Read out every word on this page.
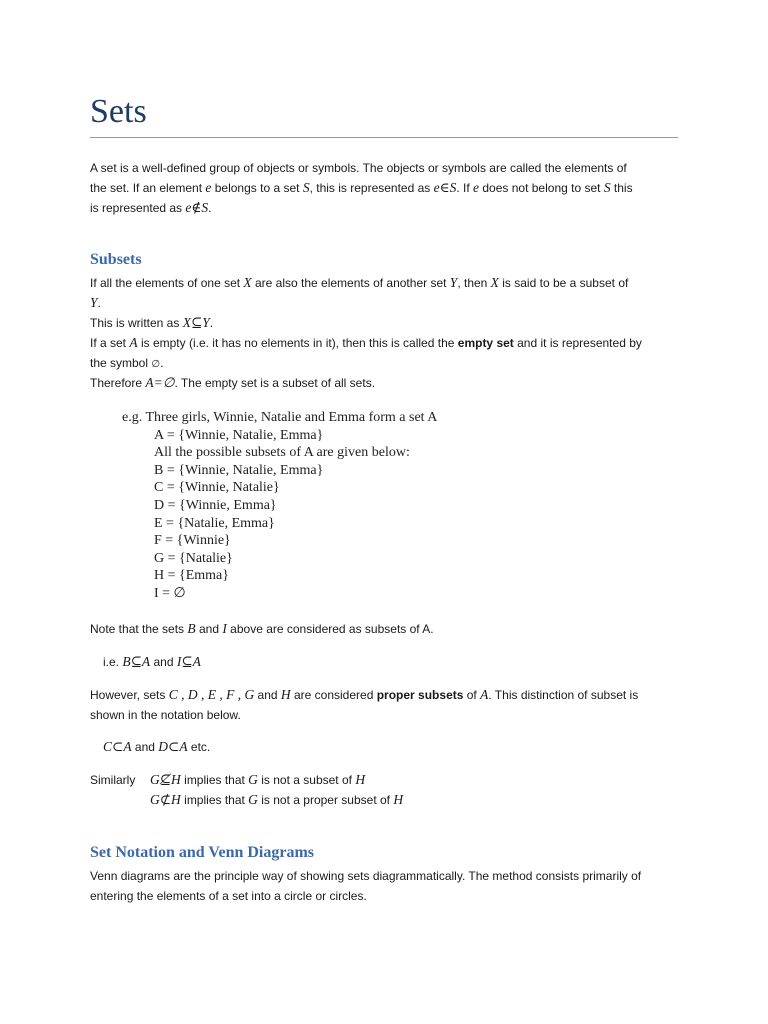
Sets
A set is a well-defined group of objects or symbols. The objects or symbols are called the elements of
the set. If an element e belongs to a set S, this is represented as e∈S. If e does not belong to set S this
is represented as e∉S.
Subsets
If all the elements of one set X are also the elements of another set Y, then X is said to be a subset of
Y.
This is written as X⊆Y.
If a set A is empty (i.e. it has no elements in it), then this is called the empty set and it is represented by
the symbol ∅.
Therefore A=∅. The empty set is a subset of all sets.
e.g. Three girls, Winnie, Natalie and Emma form a set A
A = {Winnie, Natalie, Emma}
All the possible subsets of A are given below:
B = {Winnie, Natalie, Emma}
C = {Winnie, Natalie}
D = {Winnie, Emma}
E = {Natalie, Emma}
F = {Winnie}
G = {Natalie}
H = {Emma}
I = ∅
Note that the sets B and I above are considered as subsets of A.
i.e. B⊆A and I⊆A
However, sets C , D , E , F , G and H are considered proper subsets of A. This distinction of subset is
shown in the notation below.
C⊂A and D⊂A etc.
Similarly	G⊈H implies that G is not a subset of H
G⊄H implies that G is not a proper subset of H
Set Notation and Venn Diagrams
Venn diagrams are the principle way of showing sets diagrammatically. The method consists primarily of
entering the elements of a set into a circle or circles.
